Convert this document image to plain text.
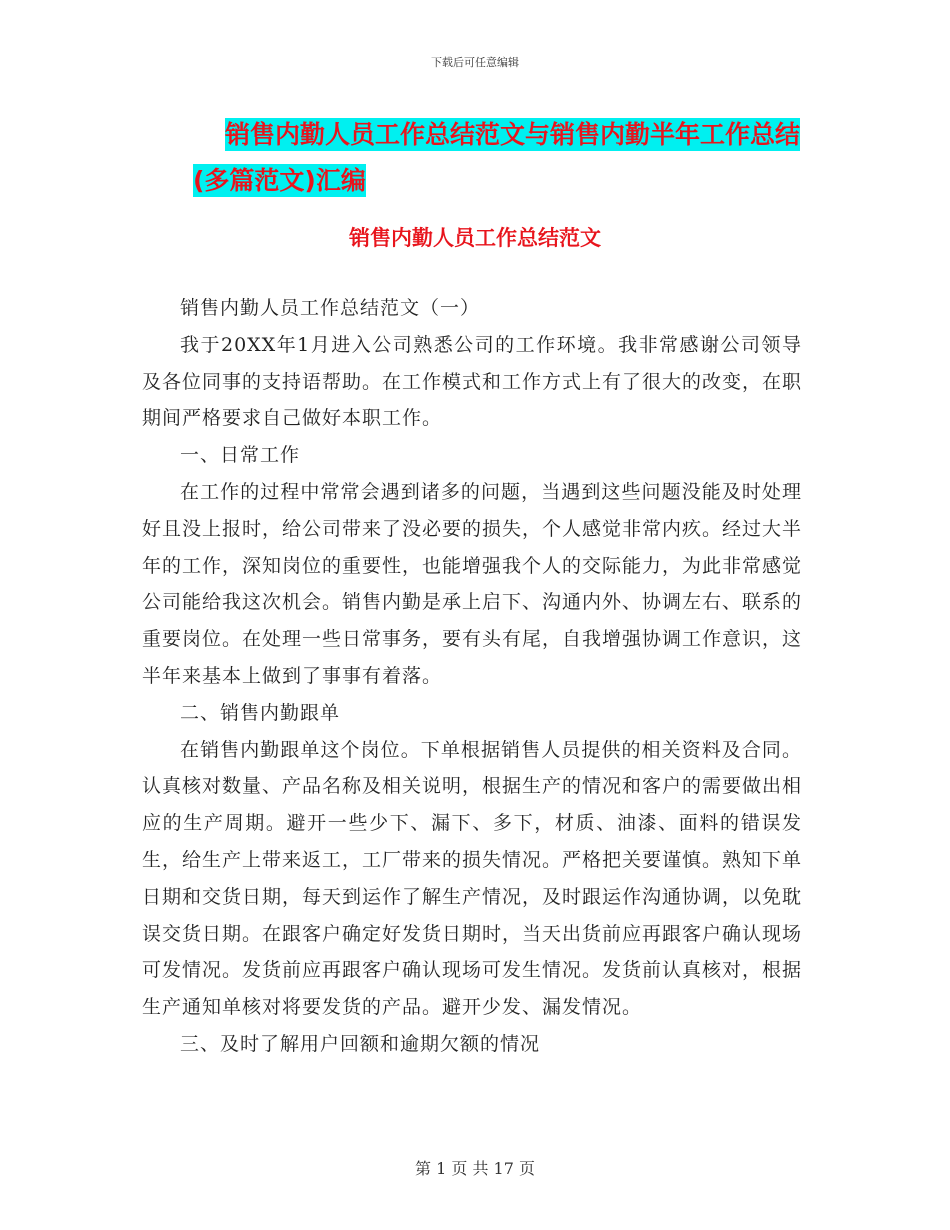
下载后可任意编辑
销售内勤人员工作总结范文与销售内勤半年工作总结
(多篇范文)汇编
销售内勤人员工作总结范文

销售内勤人员工作总结范文（一）

我于20XX年1月进入公司熟悉公司的工作环境。我非常感谢公司领导及各位同事的支持语帮助。在工作模式和工作方式上有了很大的改变，在职期间严格要求自己做好本职工作。

一、日常工作

在工作的过程中常常会遇到诸多的问题，当遇到这些问题没能及时处理好且没上报时，给公司带来了没必要的损失，个人感觉非常内疚。经过大半年的工作，深知岗位的重要性，也能增强我个人的交际能力，为此非常感觉公司能给我这次机会。销售内勤是承上启下、沟通内外、协调左右、联系的重要岗位。在处理一些日常事务，要有头有尾，自我增强协调工作意识，这半年来基本上做到了事事有着落。

二、销售内勤跟单

在销售内勤跟单这个岗位。下单根据销售人员提供的相关资料及合同。认真核对数量、产品名称及相关说明，根据生产的情况和客户的需要做出相应的生产周期。避开一些少下、漏下、多下，材质、油漆、面料的错误发生，给生产上带来返工，工厂带来的损失情况。严格把关要谨慎。熟知下单日期和交货日期，每天到运作了解生产情况，及时跟运作沟通协调，以免耽误交货日期。在跟客户确定好发货日期时，当天出货前应再跟客户确认现场可发情况。发货前应再跟客户确认现场可发生情况。发货前认真核对，根据生产通知单核对将要发货的产品。避开少发、漏发情况。

三、及时了解用户回额和逾期欠额的情况

第 1 页 共 17 页
